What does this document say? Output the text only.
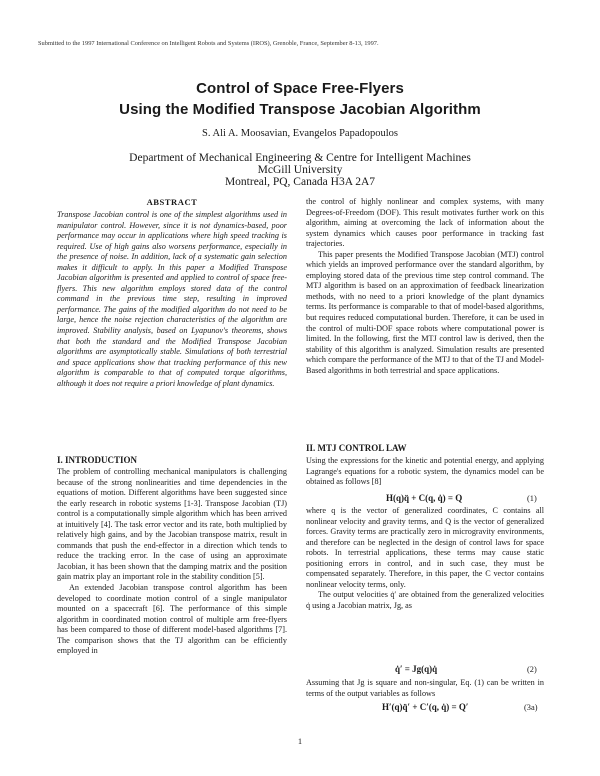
Submitted to the 1997 International Conference on Intelligent Robots and Systems (IROS), Grenoble, France, September 8-13, 1997.
Control of Space Free-Flyers
Using the Modified Transpose Jacobian Algorithm
S. Ali A. Moosavian, Evangelos Papadopoulos
Department of Mechanical Engineering & Centre for Intelligent Machines
McGill University
Montreal, PQ, Canada H3A 2A7
ABSTRACT

Transpose Jacobian control is one of the simplest algorithms used in manipulator control. However, since it is not dynamics-based, poor performance may occur in applications where high speed tracking is required. Use of high gains also worsens performance, especially in the presence of noise. In addition, lack of a systematic gain selection makes it difficult to apply. In this paper a Modified Transpose Jacobian algorithm is presented and applied to control of space free-flyers. This new algorithm employs stored data of the control command in the previous time step, resulting in improved performance. The gains of the modified algorithm do not need to be large, hence the noise rejection characteristics of the algorithm are improved. Stability analysis, based on Lyapunov's theorems, shows that both the standard and the Modified Transpose Jacobian algorithms are asymptotically stable. Simulations of both terrestrial and space applications show that tracking performance of this new algorithm is comparable to that of computed torque algorithms, although it does not require a priori knowledge of plant dynamics.

I. INTRODUCTION

The problem of controlling mechanical manipulators is challenging because of the strong nonlinearities and time dependencies in the equations of motion. Different algorithms have been suggested since the early research in robotic systems [1-3]. Transpose Jacobian (TJ) control is a computationally simple algorithm which has been arrived at intuitively [4]. The task error vector and its rate, both multiplied by relatively high gains, and by the Jacobian transpose matrix, result in commands that push the end-effector in a direction which tends to reduce the tracking error. In the case of using an approximate Jacobian, it has been shown that the damping matrix and the position gain matrix play an important role in the stability condition [5].

An extended Jacobian transpose control algorithm has been developed to coordinate motion control of a single manipulator mounted on a spacecraft [6]. The performance of this simple algorithm in coordinated motion control of multiple arm free-flyers has been compared to those of different model-based algorithms [7]. The comparison shows that the TJ algorithm can be efficiently employed in

the control of highly nonlinear and complex systems, with many Degrees-of-Freedom (DOF). This result motivates further work on this algorithm, aiming at overcoming the lack of information about the system dynamics which causes poor performance in tracking fast trajectories.

This paper presents the Modified Transpose Jacobian (MTJ) control which yields an improved performance over the standard algorithm, by employing stored data of the previous time step control command. The MTJ algorithm is based on an approximation of feedback linearization methods, with no need to a priori knowledge of the plant dynamics terms. Its performance is comparable to that of model-based algorithms, but requires reduced computational burden. Therefore, it can be used in the control of multi-DOF space robots where computational power is limited. In the following, first the MTJ control law is derived, then the stability of this algorithm is analyzed. Simulation results are presented which compare the performance of the MTJ to that of the TJ and Model-Based algorithms in both terrestrial and space applications.

II. MTJ CONTROL LAW

Using the expressions for the kinetic and potential energy, and applying Lagrange's equations for a robotic system, the dynamics model can be obtained as follows [8]

H(q)q̈ + C(q, q̇) = Q	(1)

where q is the vector of generalized coordinates, C contains all nonlinear velocity and gravity terms, and Q is the vector of generalized forces. Gravity terms are practically zero in microgravity environments, and therefore can be neglected in the design of control laws for space robots. In terrestrial applications, these terms may cause static positioning errors in control, and in such case, they must be compensated separately. Therefore, in this paper, the C vector contains nonlinear velocity terms, only.

The output velocities q̇′ are obtained from the generalized velocities q̇ using a Jacobian matrix, Jg, as

q̇′ = Jg(q)q̇	(2)

Assuming that Jg is square and non-singular, Eq. (1) can be written in terms of the output variables as follows

H′(q)q̈′ + C′(q, q̇) = Q′	(3a)
1
